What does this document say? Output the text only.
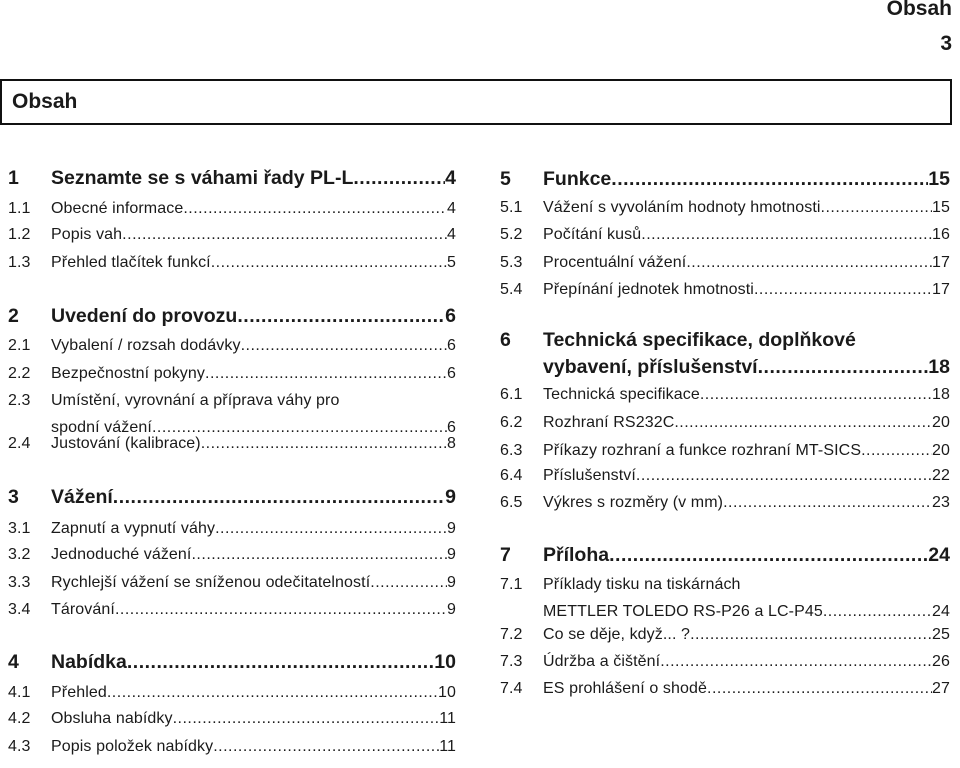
Obsah
3
Obsah
1	Seznamte se s váhami řady PL-L .....	4
1.1	Obecné informace .....	4
1.2	Popis vah .....	4
1.3	Přehled tlačítek funkcí .....	5
2	Uvedení do provozu .....	6
2.1	Vybalení / rozsah dodávky .....	6
2.2	Bezpečnostní pokyny .....	6
2.3	Umístění, vyrovnání a příprava váhy pro
spodní vážení .....	6
2.4	Justování (kalibrace) .....	8
3	Vážení .....	9
3.1	Zapnutí a vypnutí váhy .....	9
3.2	Jednoduché vážení .....	9
3.3	Rychlejší vážení se sníženou odečitatelností .....	9
3.4	Tárování .....	9
4	Nabídka .....	10
4.1	Přehled .....	10
4.2	Obsluha nabídky .....	11
4.3	Popis položek nabídky .....	11
5	Funkce .....	15
5.1	Vážení s vyvoláním hodnoty hmotnosti .....	15
5.2	Počítání kusů .....	16
5.3	Procentuální vážení .....	17
5.4	Přepínání jednotek hmotnosti .....	17
6	Technická specifikace, doplňkové
vybavení, příslušenství .....	18
6.1	Technická specifikace .....	18
6.2	Rozhraní RS232C .....	20
6.3	Příkazy rozhraní a funkce rozhraní MT-SICS .....	20
6.4	Příslušenství .....	22
6.5	Výkres s rozměry (v mm) .....	23
7	Příloha .....	24
7.1	Příklady tisku na tiskárnách
METTLER TOLEDO RS-P26 a LC-P45 .....	24
7.2	Co se děje, když... ? .....	25
7.3	Údržba a čištění .....	26
7.4	ES prohlášení o shodě .....	27
